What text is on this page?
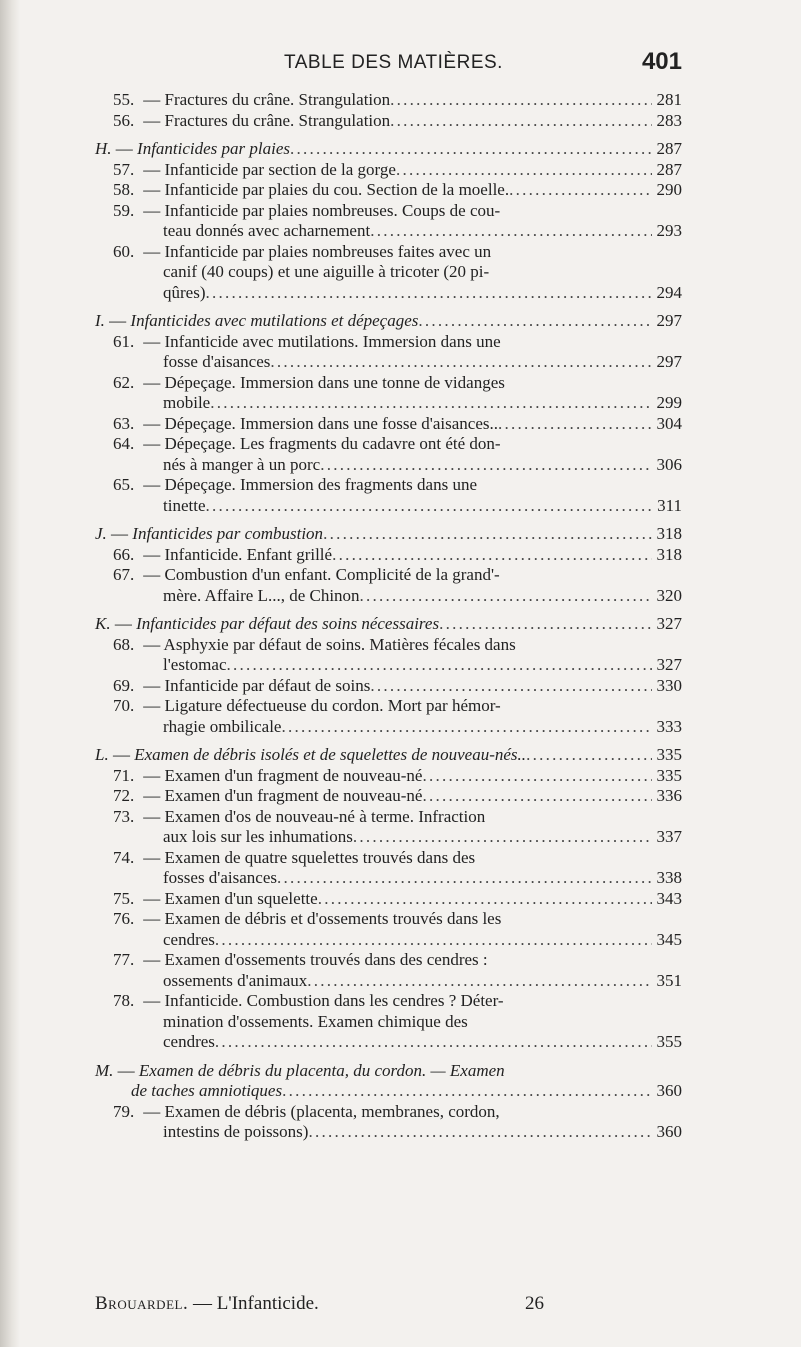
TABLE DES MATIÈRES.	401
55. — Fractures du crâne. Strangulation . . .	281
56. — Fractures du crâne. Strangulation . . .	283
H. — Infanticides par plaies . . .	287
57. — Infanticide par section de la gorge . . .	287
58. — Infanticide par plaies du cou. Section de la moelle. . . .	290
59. — Infanticide par plaies nombreuses. Coups de cou-
teau donnés avec acharnement . . .	293
60. — Infanticide par plaies nombreuses faites avec un
canif (40 coups) et une aiguille à tricoter (20 pi-
qûres) . . .	294
I. — Infanticides avec mutilations et dépeçages . . .	297
61. — Infanticide avec mutilations. Immersion dans une
fosse d'aisances . . .	297
62. — Dépeçage. Immersion dans une tonne de vidanges
mobile . . .	299
63. — Dépeçage. Immersion dans une fosse d'aisances.. . . .	304
64. — Dépeçage. Les fragments du cadavre ont été don-
nés à manger à un porc . . .	306
65. — Dépeçage. Immersion des fragments dans une
tinette . . .	311
J. — Infanticides par combustion . . .	318
66. — Infanticide. Enfant grillé . . .	318
67. — Combustion d'un enfant. Complicité de la grand'-
mère. Affaire L..., de Chinon . . .	320
K. — Infanticides par défaut des soins nécessaires . . .	327
68. — Asphyxie par défaut de soins. Matières fécales dans
l'estomac . . .	327
69. — Infanticide par défaut de soins . . .	330
70. — Ligature défectueuse du cordon. Mort par hémor-
rhagie ombilicale . . .	333
L. — Examen de débris isolés et de squelettes de nouveau-nés.. . . .	335
71. — Examen d'un fragment de nouveau-né . . .	335
72. — Examen d'un fragment de nouveau-né . . .	336
73. — Examen d'os de nouveau-né à terme. Infraction
aux lois sur les inhumations . . .	337
74. — Examen de quatre squelettes trouvés dans des
fosses d'aisances . . .	338
75. — Examen d'un squelette . . .	343
76. — Examen de débris et d'ossements trouvés dans les
cendres . . .	345
77. — Examen d'ossements trouvés dans des cendres :
ossements d'animaux . . .	351
78. — Infanticide. Combustion dans les cendres ? Déter-
mination d'ossements. Examen chimique des
cendres . . .	355
M. — Examen de débris du placenta, du cordon. — Examen
de taches amniotiques . . .	360
79. — Examen de débris (placenta, membranes, cordon,
intestins de poissons) . . .	360
Brouardel. — L'Infanticide.	26
